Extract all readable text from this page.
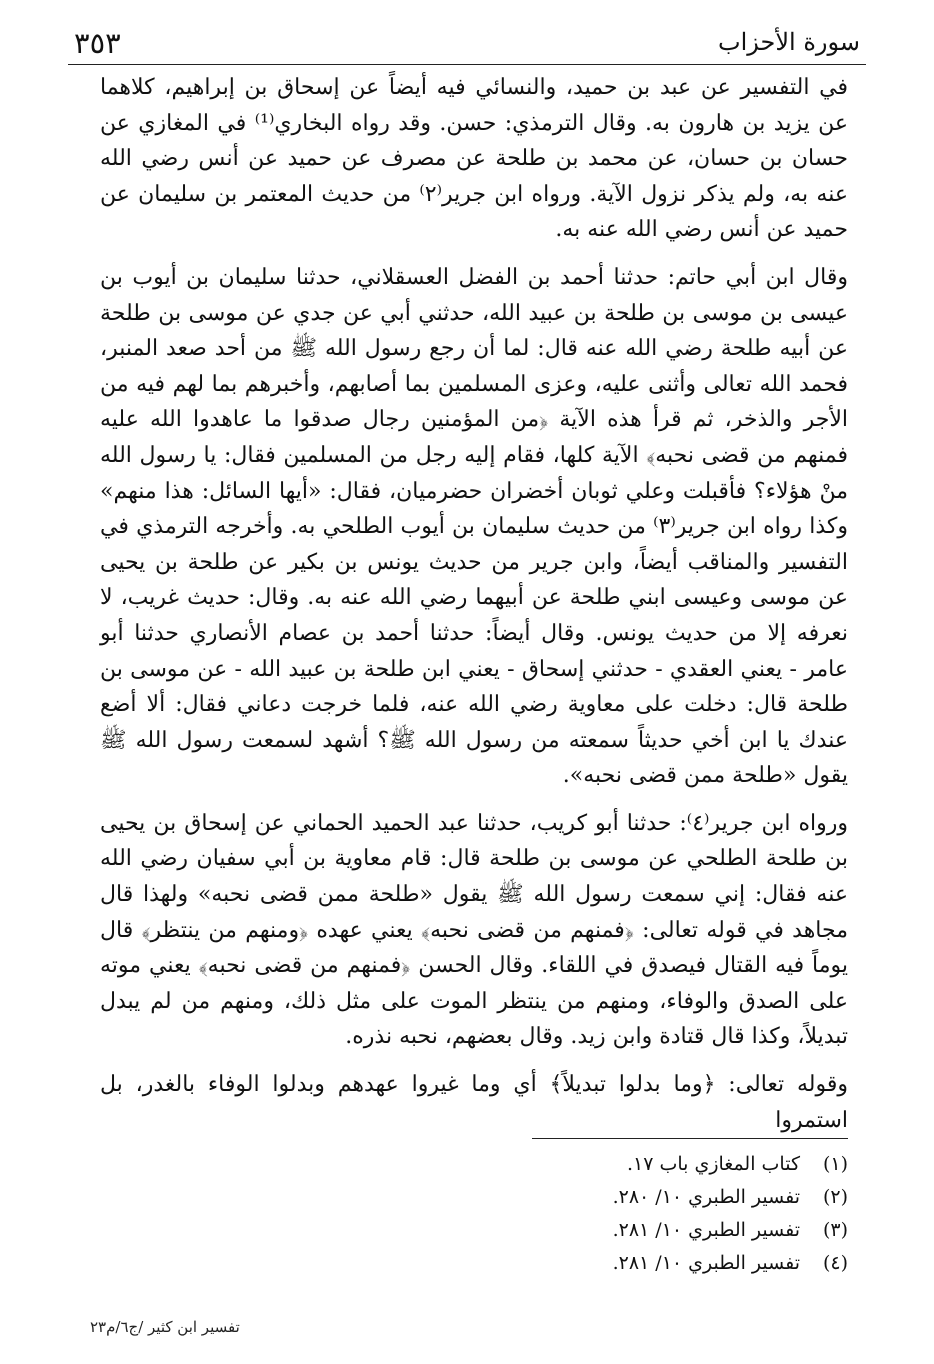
٣٥٣	سورة الأحزاب

في التفسير عن عبد بن حميد، والنسائي فيه أيضاً عن إسحاق بن إبراهيم، كلاهما عن يزيد بن هارون به. وقال الترمذي: حسن. وقد رواه البخاري⁽¹⁾ في المغازي عن حسان بن حسان، عن محمد بن طلحة عن مصرف عن حميد عن أنس رضي الله عنه به، ولم يذكر نزول الآية. ورواه ابن جرير⁽٢⁾ من حديث المعتمر بن سليمان عن حميد عن أنس رضي الله عنه به.

وقال ابن أبي حاتم: حدثنا أحمد بن الفضل العسقلاني، حدثنا سليمان بن أيوب بن عيسى بن موسى بن طلحة بن عبيد الله، حدثني أبي عن جدي عن موسى بن طلحة عن أبيه طلحة رضي الله عنه قال: لما أن رجع رسول الله ﷺ من أحد صعد المنبر، فحمد الله تعالى وأثنى عليه، وعزى المسلمين بما أصابهم، وأخبرهم بما لهم فيه من الأجر والذخر، ثم قرأ هذه الآية ﴿من المؤمنين رجال صدقوا ما عاهدوا الله عليه فمنهم من قضى نحبه﴾ الآية كلها، فقام إليه رجل من المسلمين فقال: يا رسول الله منْ هؤلاء؟ فأقبلت وعلي ثوبان أخضران حضرميان، فقال: «أيها السائل: هذا منهم» وكذا رواه ابن جرير⁽٣⁾ من حديث سليمان بن أيوب الطلحي به. وأخرجه الترمذي في التفسير والمناقب أيضاً، وابن جرير من حديث يونس بن بكير عن طلحة بن يحيى عن موسى وعيسى ابني طلحة عن أبيهما رضي الله عنه به. وقال: حديث غريب، لا نعرفه إلا من حديث يونس. وقال أيضاً: حدثنا أحمد بن عصام الأنصاري حدثنا أبو عامر - يعني العقدي - حدثني إسحاق - يعني ابن طلحة بن عبيد الله - عن موسى بن طلحة قال: دخلت على معاوية رضي الله عنه، فلما خرجت دعاني فقال: ألا أضع عندك يا ابن أخي حديثاً سمعته من رسول الله ﷺ؟ أشهد لسمعت رسول الله ﷺ يقول «طلحة ممن قضى نحبه».

ورواه ابن جرير⁽٤⁾: حدثنا أبو كريب، حدثنا عبد الحميد الحماني عن إسحاق بن يحيى بن طلحة الطلحي عن موسى بن طلحة قال: قام معاوية بن أبي سفيان رضي الله عنه فقال: إني سمعت رسول الله ﷺ يقول «طلحة ممن قضى نحبه» ولهذا قال مجاهد في قوله تعالى: ﴿فمنهم من قضى نحبه﴾ يعني عهده ﴿ومنهم من ينتظر﴾ قال يوماً فيه القتال فيصدق في اللقاء. وقال الحسن ﴿فمنهم من قضى نحبه﴾ يعني موته على الصدق والوفاء، ومنهم من ينتظر الموت على مثل ذلك، ومنهم من لم يبدل تبديلاً، وكذا قال قتادة وابن زيد. وقال بعضهم، نحبه نذره.

وقوله تعالى: ﴿وما بدلوا تبديلاً﴾ أي وما غيروا عهدهم وبدلوا الوفاء بالغدر، بل استمروا

(١)
كتاب المغازي باب ١٧.
(٢)
تفسير الطبري ١٠/ ٢٨٠.
(٣)
تفسير الطبري ١٠/ ٢٨١.
(٤)
تفسير الطبري ١٠/ ٢٨١.
تفسير ابن كثير /ج٦/م٢٣
